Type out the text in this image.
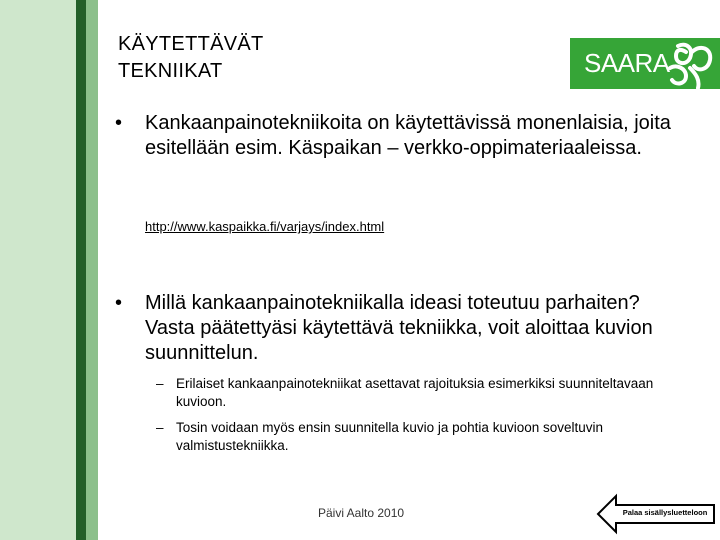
KÄYTETTÄVÄT
TEKNIIKAT	SAARA
• Kankaanpainotekniikoita on käytettävissä monenlaisia, joita esitellään esim. Käspaikan – verkko-oppimateriaaleissa.
http://www.kaspaikka.fi/varjays/index.html
• Millä kankaanpainotekniikalla ideasi toteutuu parhaiten? Vasta päätettyäsi käytettävä tekniikka, voit aloittaa kuvion suunnittelun.
– Erilaiset kankaanpainotekniikat asettavat rajoituksia esimerkiksi suunniteltavaan kuvioon.
– Tosin voidaan myös ensin suunnitella kuvio ja pohtia kuvioon soveltuvin valmistustekniikka.
Päivi Aalto 2010	Palaa sisällysluetteloon
